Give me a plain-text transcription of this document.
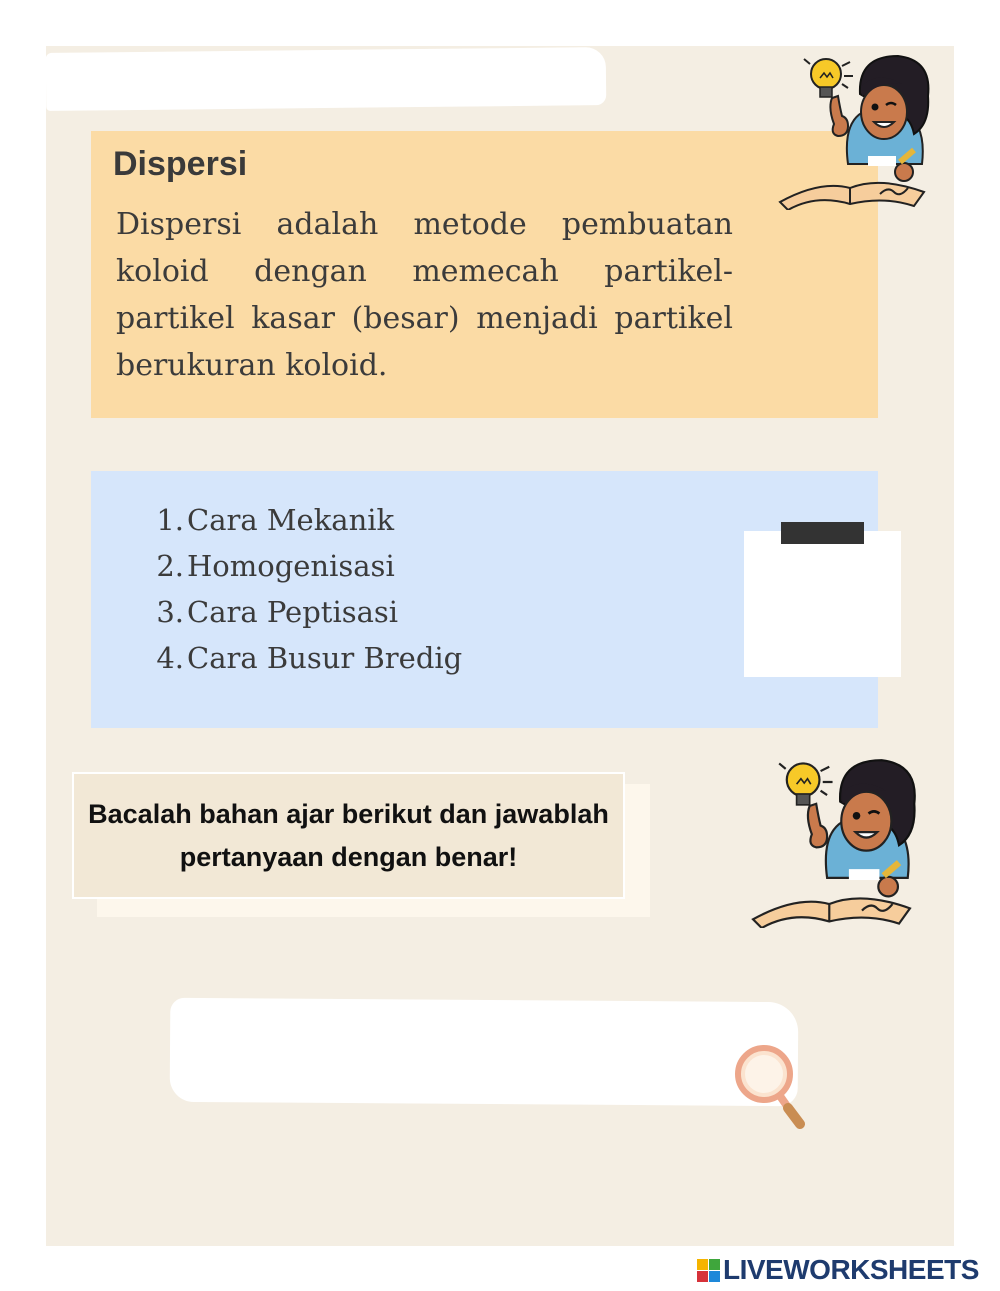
Dispersi

Dispersi adalah metode pembuatan koloid dengan memecah partikel-partikel kasar (besar) menjadi partikel berukuran koloid.

1. Cara Mekanik
2. Homogenisasi
3. Cara Peptisasi
4. Cara Busur Bredig

Bacalah bahan ajar berikut dan jawablah pertanyaan dengan benar!

LIVEWORKSHEETS
